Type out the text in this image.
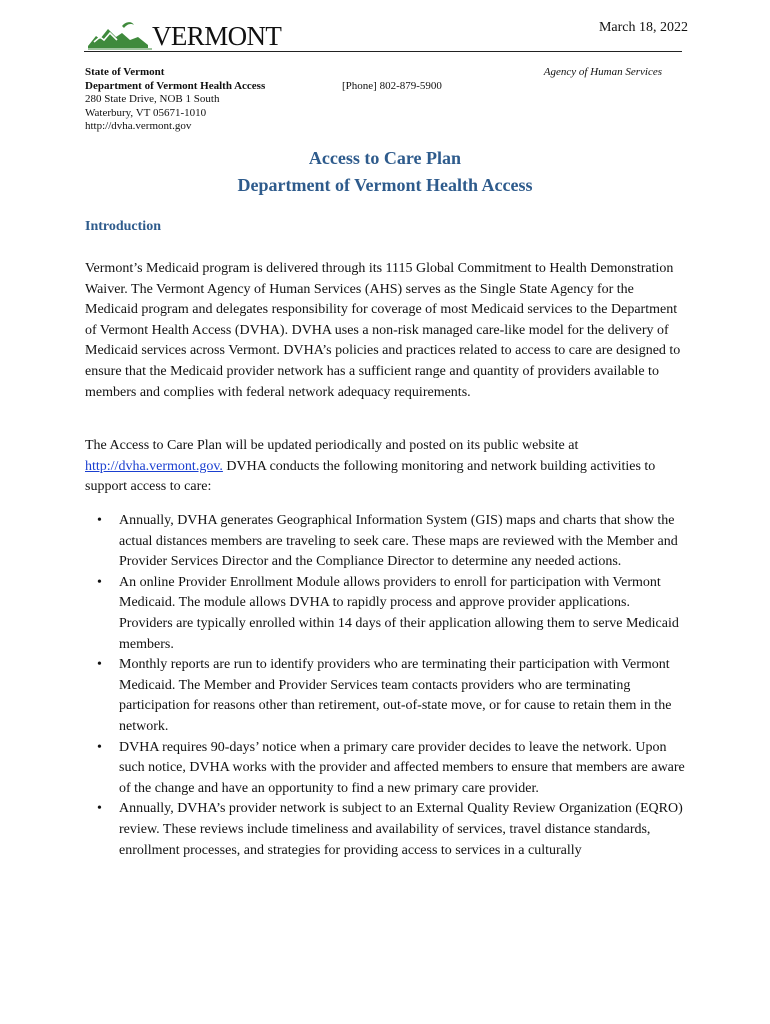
VERMONT	March 18, 2022
State of Vermont
Department of Vermont Health Access
280 State Drive, NOB 1 South
Waterbury, VT 05671-1010
http://dvha.vermont.gov
[Phone] 802-879-5900
Agency of Human Services
Access to Care Plan
Department of Vermont Health Access
Introduction
Vermont’s Medicaid program is delivered through its 1115 Global Commitment to Health Demonstration Waiver. The Vermont Agency of Human Services (AHS) serves as the Single State Agency for the Medicaid program and delegates responsibility for coverage of most Medicaid services to the Department of Vermont Health Access (DVHA). DVHA uses a non-risk managed care-like model for the delivery of Medicaid services across Vermont. DVHA’s policies and practices related to access to care are designed to ensure that the Medicaid provider network has a sufficient range and quantity of providers available to members and complies with federal network adequacy requirements.
The Access to Care Plan will be updated periodically and posted on its public website at http://dvha.vermont.gov. DVHA conducts the following monitoring and network building activities to support access to care:
• Annually, DVHA generates Geographical Information System (GIS) maps and charts that show the actual distances members are traveling to seek care. These maps are reviewed with the Member and Provider Services Director and the Compliance Director to determine any needed actions.
• An online Provider Enrollment Module allows providers to enroll for participation with Vermont Medicaid. The module allows DVHA to rapidly process and approve provider applications. Providers are typically enrolled within 14 days of their application allowing them to serve Medicaid members.
• Monthly reports are run to identify providers who are terminating their participation with Vermont Medicaid. The Member and Provider Services team contacts providers who are terminating participation for reasons other than retirement, out-of-state move, or for cause to retain them in the network.
• DVHA requires 90-days’ notice when a primary care provider decides to leave the network. Upon such notice, DVHA works with the provider and affected members to ensure that members are aware of the change and have an opportunity to find a new primary care provider.
• Annually, DVHA’s provider network is subject to an External Quality Review Organization (EQRO) review. These reviews include timeliness and availability of services, travel distance standards, enrollment processes, and strategies for providing access to services in a culturally
